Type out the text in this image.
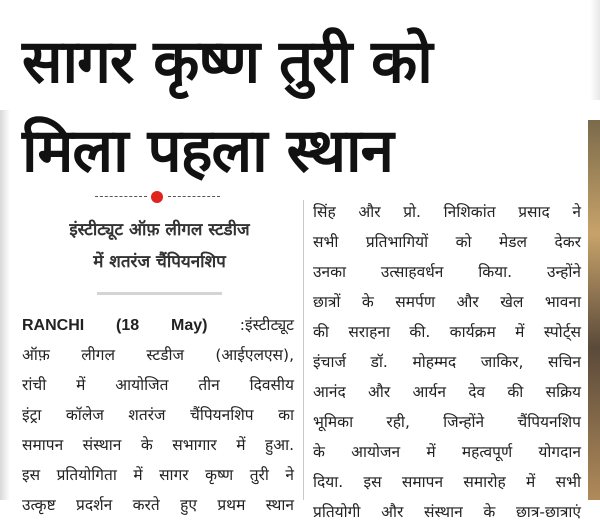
सागर कृष्ण तुरी को
मिला पहला स्थान
इंस्टीट्यूट ऑफ़ लीगल स्टडीज
में शतरंज चैंपियनशिप
RANCHI (18 May) :इंस्टीट्यूट
ऑफ़ लीगल स्टडीज (आईएलएस),
रांची में आयोजित तीन दिवसीय
इंट्रा कॉलेज शतरंज चैंपियनशिप का
समापन संस्थान के सभागार में हुआ.
इस प्रतियोगिता में सागर कृष्ण तुरी ने
उत्कृष्ट प्रदर्शन करते हुए प्रथम स्थान
सिंह और प्रो. निशिकांत प्रसाद ने
सभी प्रतिभागियों को मेडल देकर
उनका उत्साहवर्धन किया. उन्होंने
छात्रों के समर्पण और खेल भावना
की सराहना की. कार्यक्रम में स्पोर्ट्स
इंचार्ज डॉ. मोहम्मद जाकिर, सचिन
आनंद और आर्यन देव की सक्रिय
भूमिका रही, जिन्होंने चैंपियनशिप
के आयोजन में महत्वपूर्ण योगदान
दिया. इस समापन समारोह में सभी
प्रतियोगी और संस्थान के छात्र-छात्राएं
